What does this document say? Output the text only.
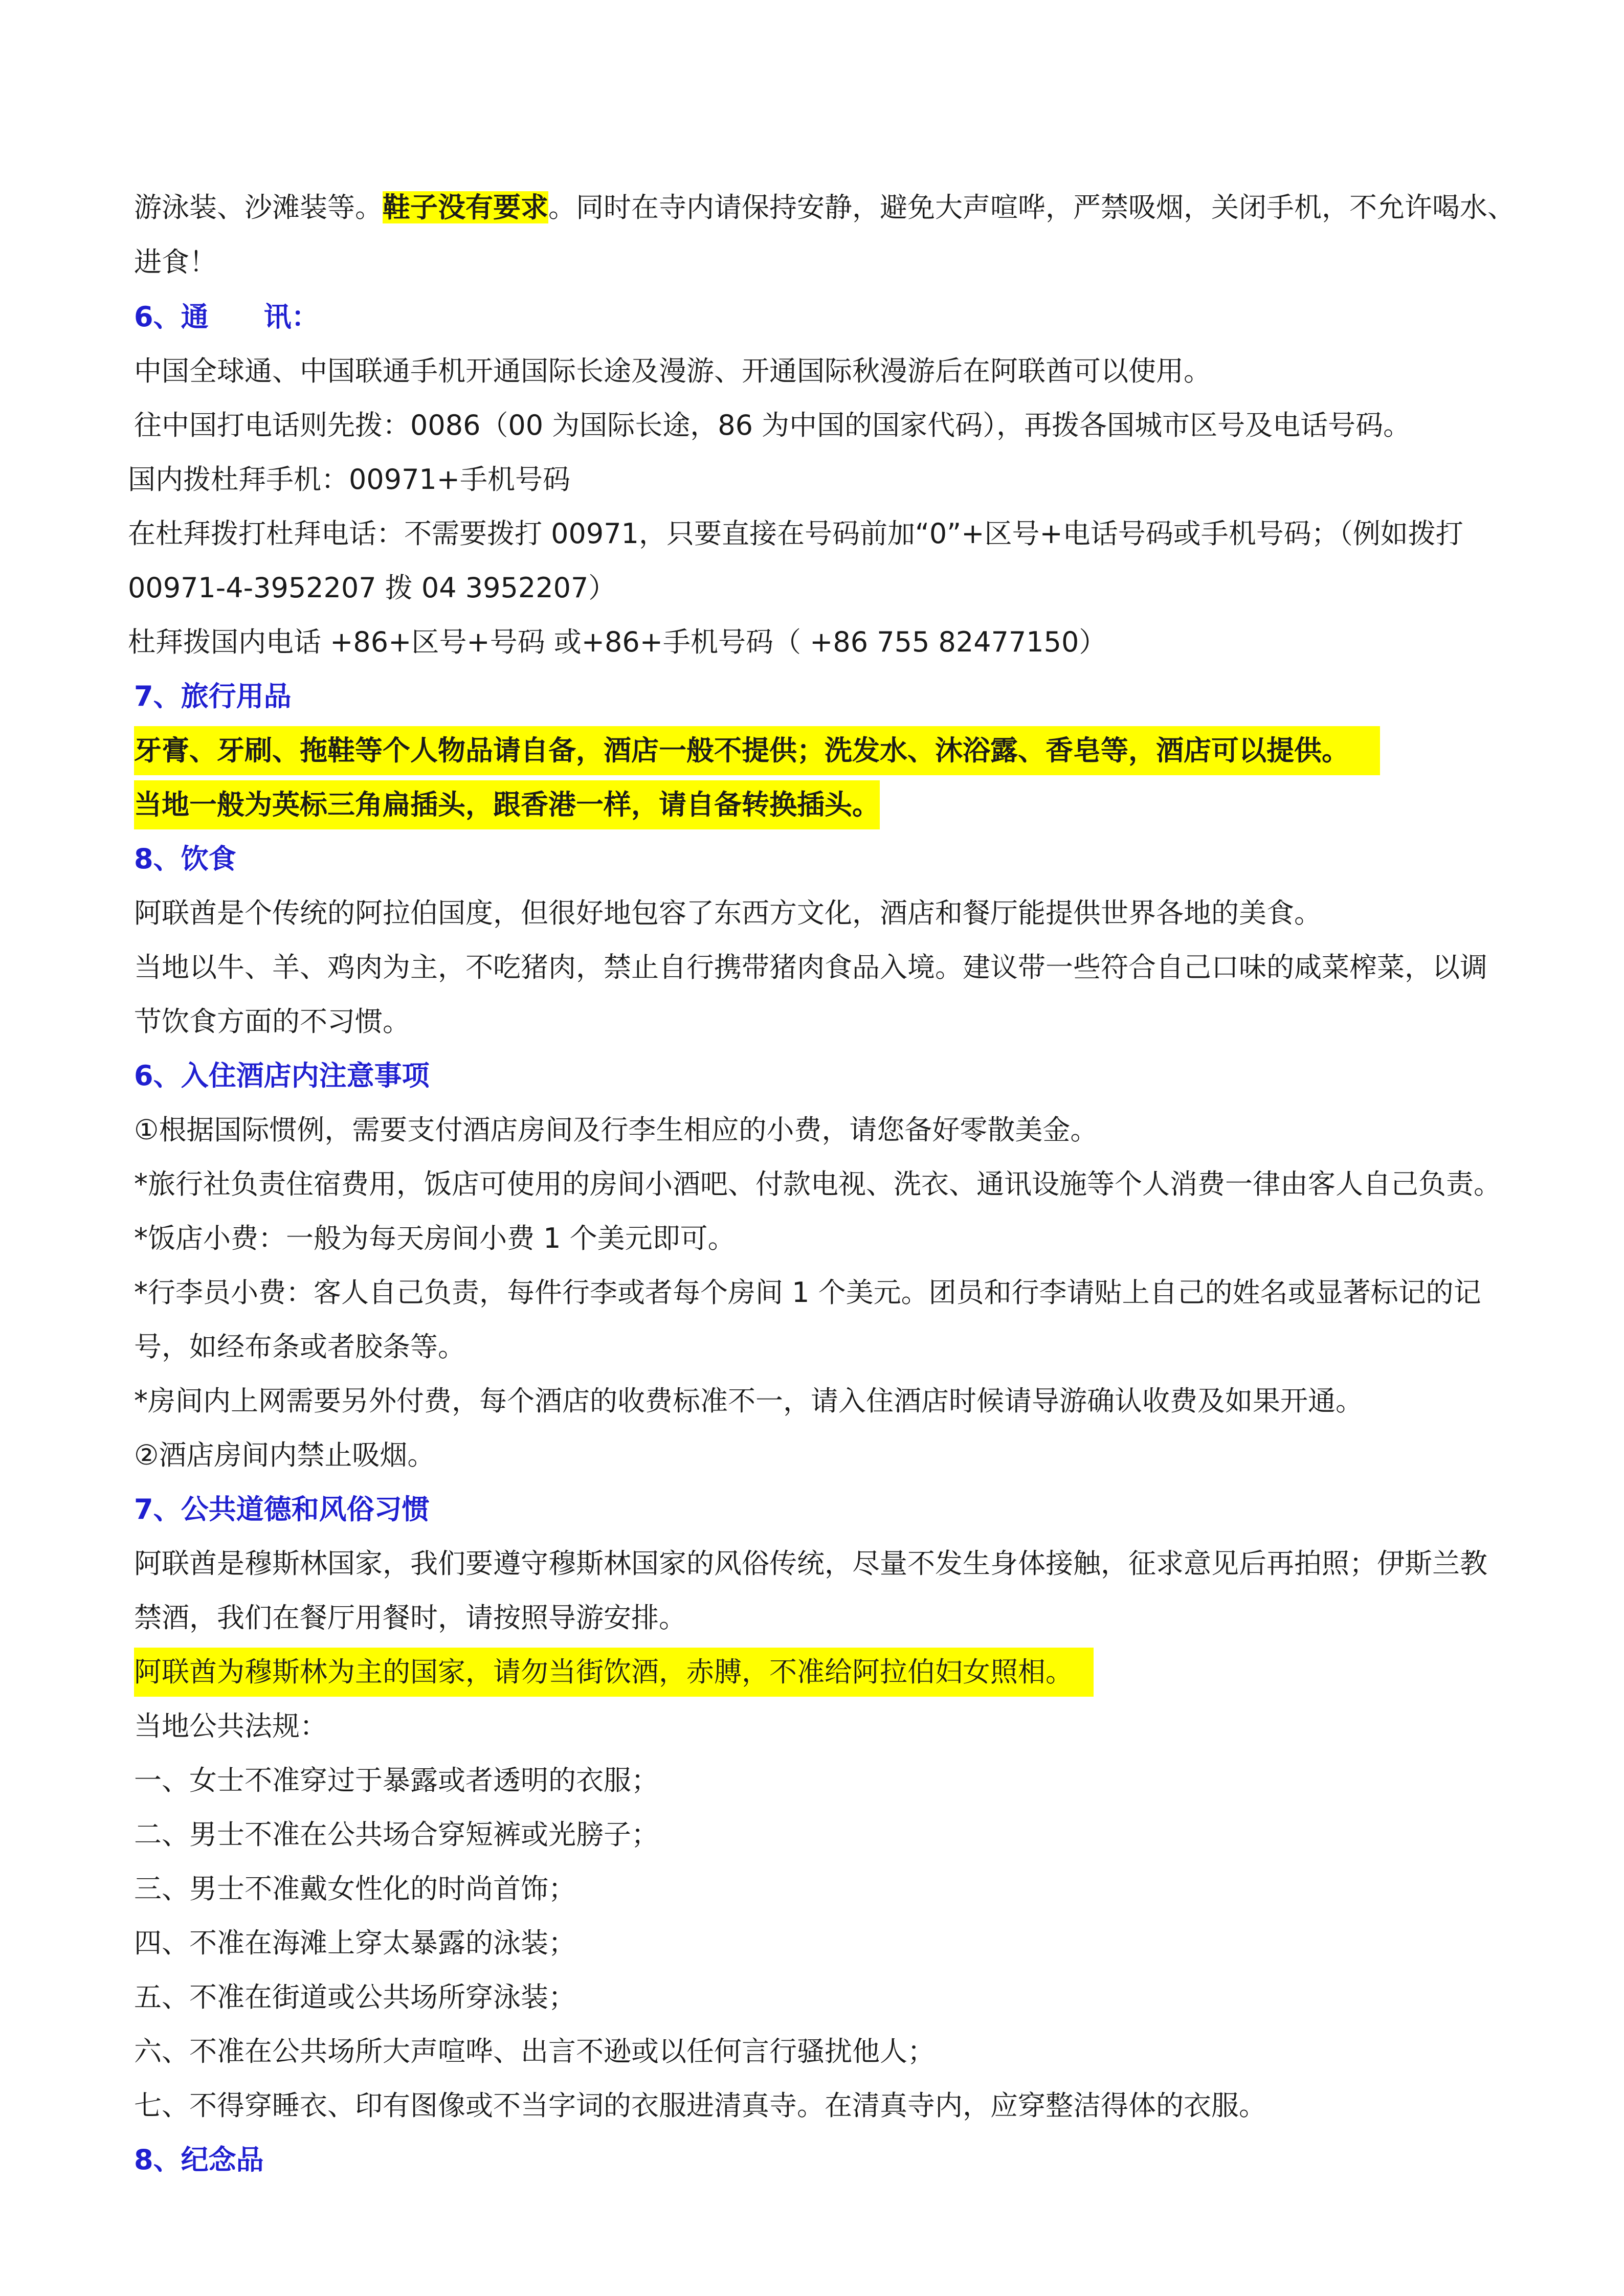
游泳装、沙滩装等。鞋子没有要求。同时在寺内请保持安静，避免大声喧哗，严禁吸烟，关闭手机，不允许喝水、
进食！
6、通　　讯：
中国全球通、中国联通手机开通国际长途及漫游、开通国际秋漫游后在阿联酋可以使用。
往中国打电话则先拨：0086（00 为国际长途，86 为中国的国家代码），再拨各国城市区号及电话号码。
国内拨杜拜手机：00971+手机号码
在杜拜拨打杜拜电话：不需要拨打 00971，只要直接在号码前加“0”+区号+电话号码或手机号码；（例如拨打
00971-4-3952207 拨 04 3952207）
杜拜拨国内电话 +86+区号+号码 或+86+手机号码（ +86 755 82477150）
7、旅行用品
牙膏、牙刷、拖鞋等个人物品请自备，酒店一般不提供；洗发水、沐浴露、香皂等，酒店可以提供。
当地一般为英标三角扁插头，跟香港一样，请自备转换插头。
8、饮食
阿联酋是个传统的阿拉伯国度，但很好地包容了东西方文化，酒店和餐厅能提供世界各地的美食。
当地以牛、羊、鸡肉为主，不吃猪肉，禁止自行携带猪肉食品入境。建议带一些符合自己口味的咸菜榨菜，以调
节饮食方面的不习惯。
6、入住酒店内注意事项
①根据国际惯例，需要支付酒店房间及行李生相应的小费，请您备好零散美金。
*旅行社负责住宿费用，饭店可使用的房间小酒吧、付款电视、洗衣、通讯设施等个人消费一律由客人自己负责。
*饭店小费：一般为每天房间小费 1 个美元即可。
*行李员小费：客人自己负责，每件行李或者每个房间 1 个美元。团员和行李请贴上自己的姓名或显著标记的记
号，如经布条或者胶条等。
*房间内上网需要另外付费，每个酒店的收费标准不一，请入住酒店时候请导游确认收费及如果开通。
②酒店房间内禁止吸烟。
7、公共道德和风俗习惯
阿联酋是穆斯林国家，我们要遵守穆斯林国家的风俗传统，尽量不发生身体接触，征求意见后再拍照；伊斯兰教
禁酒，我们在餐厅用餐时，请按照导游安排。
阿联酋为穆斯林为主的国家，请勿当街饮酒，赤膊，不准给阿拉伯妇女照相。
当地公共法规：
一、女士不准穿过于暴露或者透明的衣服；
二、男士不准在公共场合穿短裤或光膀子；
三、男士不准戴女性化的时尚首饰；
四、不准在海滩上穿太暴露的泳装；
五、不准在街道或公共场所穿泳装；
六、不准在公共场所大声喧哗、出言不逊或以任何言行骚扰他人；
七、不得穿睡衣、印有图像或不当字词的衣服进清真寺。在清真寺内，应穿整洁得体的衣服。
8、纪念品
